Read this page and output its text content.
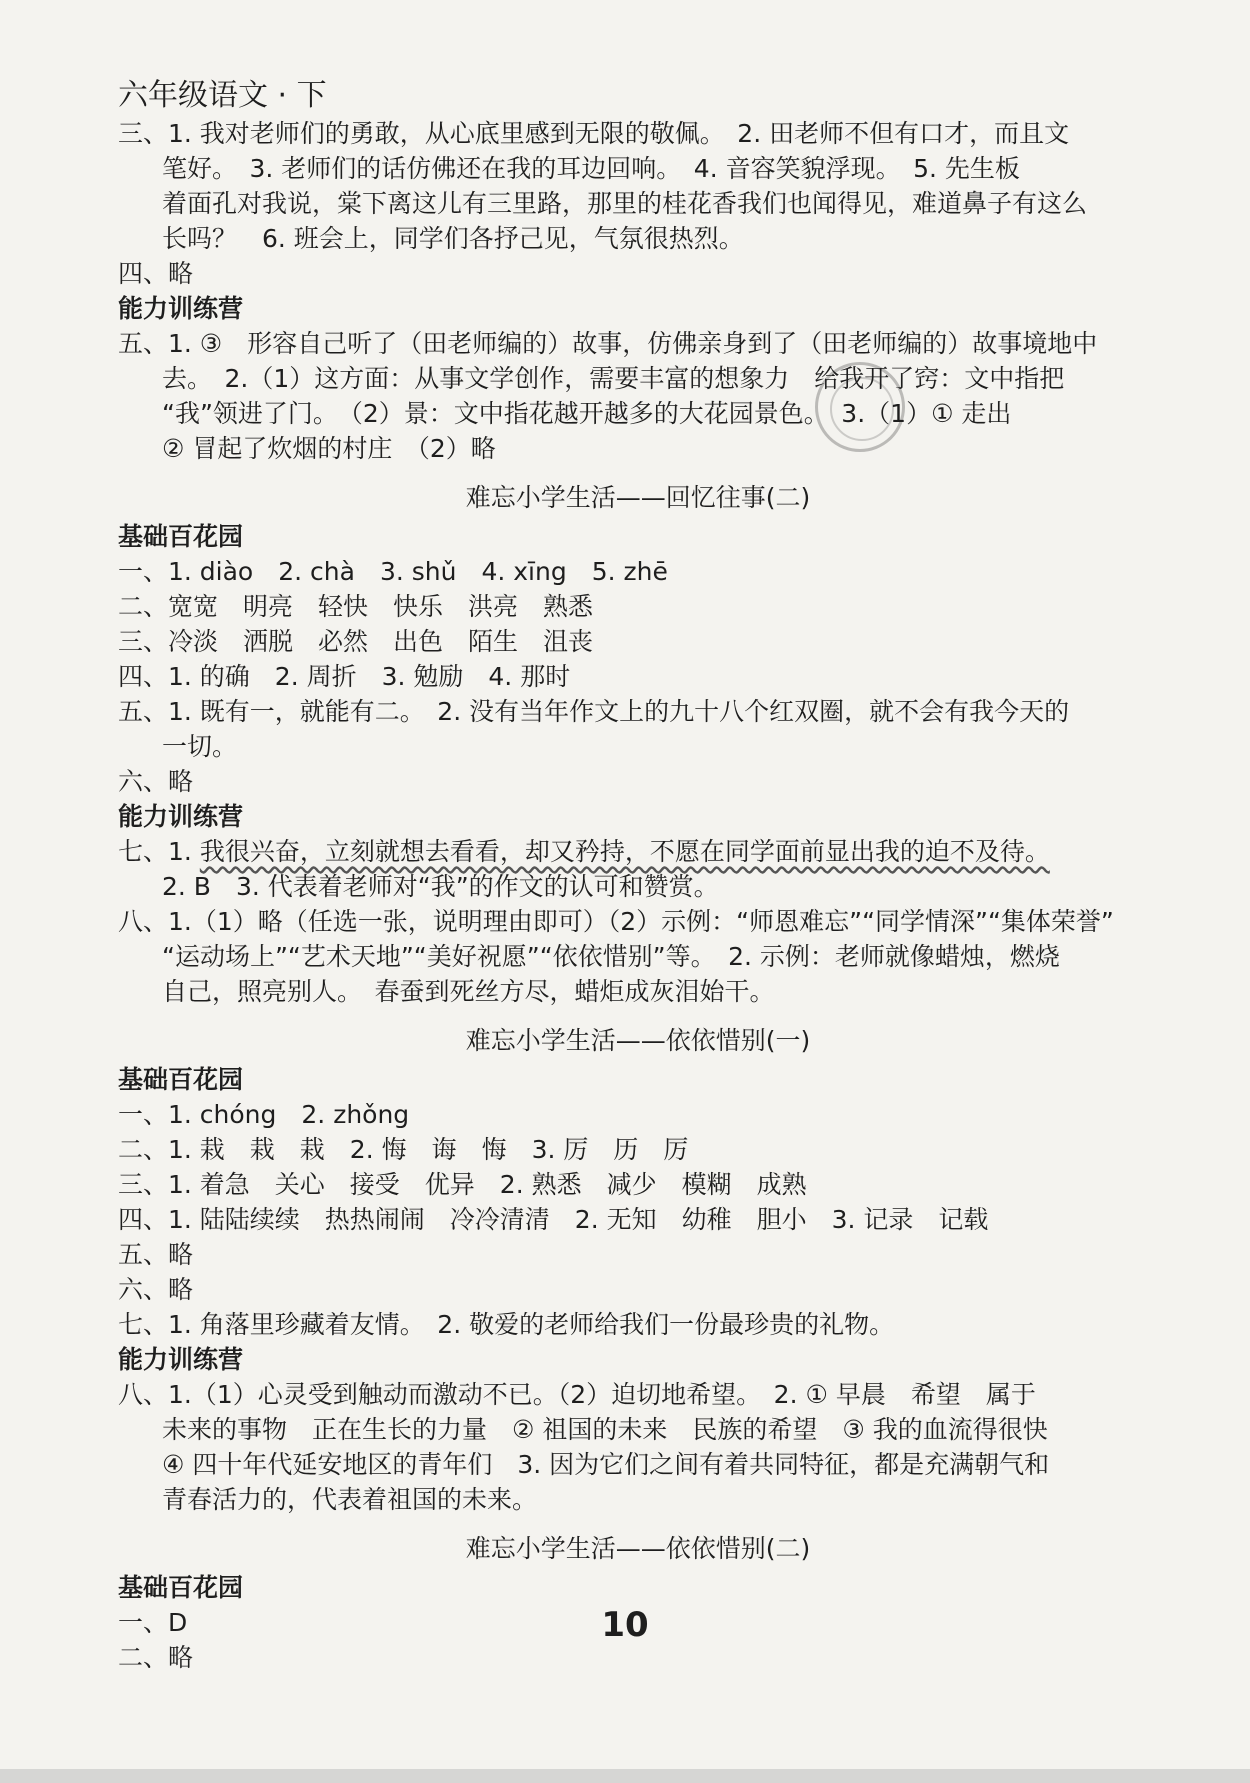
六年级语文 · 下
三、1. 我对老师们的勇敢，从心底里感到无限的敬佩。　2. 田老师不但有口才，而且文
笔好。　3. 老师们的话仿佛还在我的耳边回响。　4. 音容笑貌浮现。　5. 先生板
着面孔对我说，棠下离这儿有三里路，那里的桂花香我们也闻得见，难道鼻子有这么
长吗？　6. 班会上，同学们各抒己见，气氛很热烈。
四、略
能力训练营
五、1. ③　形容自己听了（田老师编的）故事，仿佛亲身到了（田老师编的）故事境地中
去。　2.（1）这方面：从事文学创作，需要丰富的想象力　给我开了窍：文中指把
“我”领进了门。　（2）景：文中指花越开越多的大花园景色。　3.（1）① 走出
② 冒起了炊烟的村庄　（2）略
难忘小学生活——回忆往事(二)
基础百花园
一、1. diào　2. chà　3. shǔ　4. xīng　5. zhē
二、宽宽　明亮　轻快　快乐　洪亮　熟悉
三、冷淡　洒脱　必然　出色　陌生　沮丧
四、1. 的确　2. 周折　3. 勉励　4. 那时
五、1. 既有一，就能有二。　2. 没有当年作文上的九十八个红双圈，就不会有我今天的
一切。
六、略
能力训练营
七、1. 我很兴奋，立刻就想去看看，却又矜持，不愿在同学面前显出我的迫不及待。
2. B　3. 代表着老师对“我”的作文的认可和赞赏。
八、1.（1）略（任选一张，说明理由即可）（2）示例：“师恩难忘”“同学情深”“集体荣誉”
“运动场上”“艺术天地”“美好祝愿”“依依惜别”等。　2. 示例：老师就像蜡烛，燃烧
自己，照亮别人。　春蚕到死丝方尽，蜡炬成灰泪始干。
难忘小学生活——依依惜别(一)
基础百花园
一、1. chóng　2. zhǒng
二、1. 栽　栽　栽　2. 悔　诲　悔　3. 厉　历　厉
三、1. 着急　关心　接受　优异　2. 熟悉　减少　模糊　成熟
四、1. 陆陆续续　热热闹闹　冷冷清清　2. 无知　幼稚　胆小　3. 记录　记载
五、略
六、略
七、1. 角落里珍藏着友情。　2. 敬爱的老师给我们一份最珍贵的礼物。
能力训练营
八、1.（1）心灵受到触动而激动不已。（2）迫切地希望。　2. ① 早晨　希望　属于
未来的事物　正在生长的力量　② 祖国的未来　民族的希望　③ 我的血流得很快
④ 四十年代延安地区的青年们　3. 因为它们之间有着共同特征，都是充满朝气和
青春活力的，代表着祖国的未来。
难忘小学生活——依依惜别(二)
基础百花园
一、D
二、略
10
